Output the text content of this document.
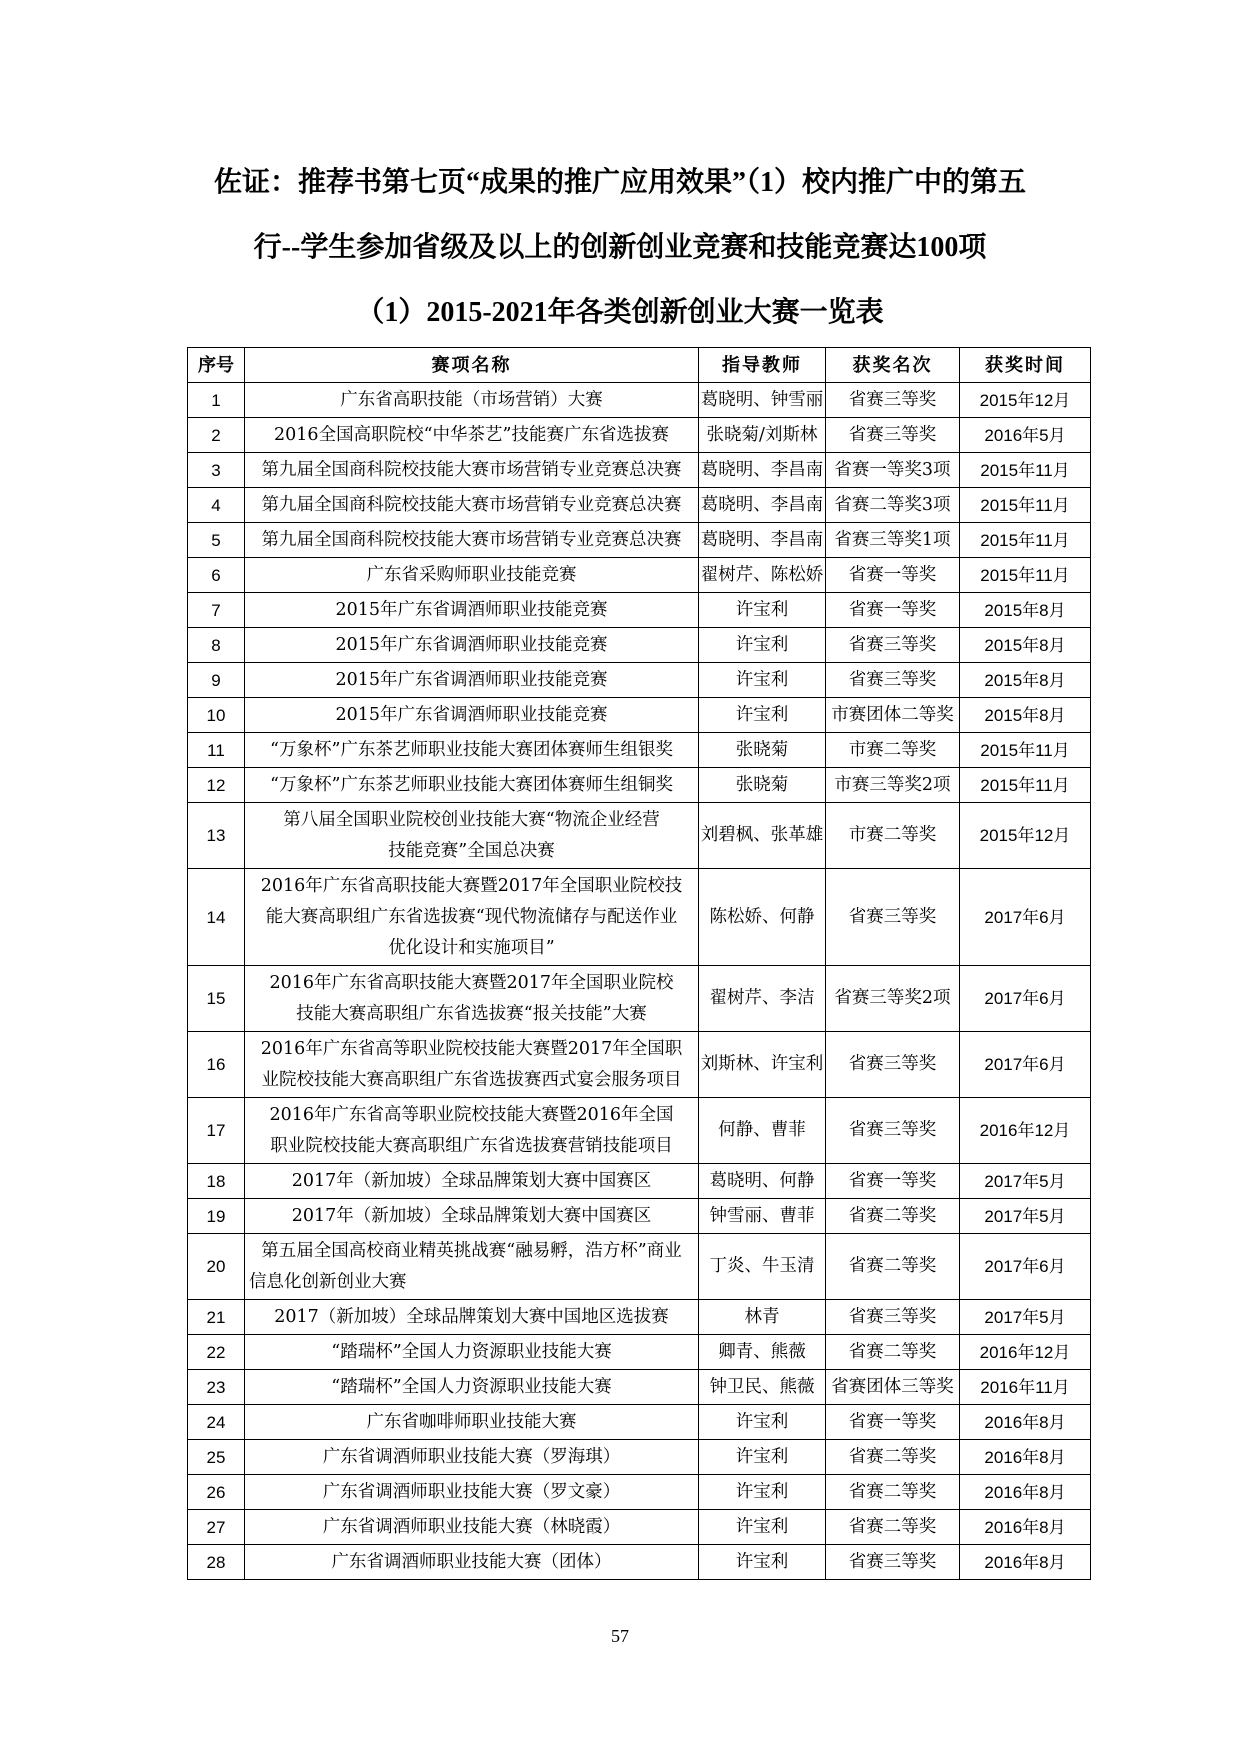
佐证：推荐书第七页“成果的推广应用效果”（1）校内推广中的第五
行--学生参加省级及以上的创新创业竞赛和技能竞赛达100项
（1）2015-2021年各类创新创业大赛一览表
序号	赛项名称	指导教师	获奖名次	获奖时间
1	广东省高职技能（市场营销）大赛	葛晓明、钟雪丽	省赛三等奖	2015年12月
2	2016全国高职院校“中华茶艺”技能赛广东省选拔赛	张晓菊/刘斯林	省赛三等奖	2016年5月
3	第九届全国商科院校技能大赛市场营销专业竞赛总决赛	葛晓明、李昌南	省赛一等奖3项	2015年11月
4	第九届全国商科院校技能大赛市场营销专业竞赛总决赛	葛晓明、李昌南	省赛二等奖3项	2015年11月
5	第九届全国商科院校技能大赛市场营销专业竞赛总决赛	葛晓明、李昌南	省赛三等奖1项	2015年11月
6	广东省采购师职业技能竞赛	翟树芹、陈松娇	省赛一等奖	2015年11月
7	2015年广东省调酒师职业技能竞赛	许宝利	省赛一等奖	2015年8月
8	2015年广东省调酒师职业技能竞赛	许宝利	省赛三等奖	2015年8月
9	2015年广东省调酒师职业技能竞赛	许宝利	省赛三等奖	2015年8月
10	2015年广东省调酒师职业技能竞赛	许宝利	市赛团体二等奖	2015年8月
11	“万象杯”广东茶艺师职业技能大赛团体赛师生组银奖	张晓菊	市赛二等奖	2015年11月
12	“万象杯”广东茶艺师职业技能大赛团体赛师生组铜奖	张晓菊	市赛三等奖2项	2015年11月
13	第八届全国职业院校创业技能大赛“物流企业经营
技能竞赛”全国总决赛	刘碧枫、张革雄	市赛二等奖	2015年12月
14	2016年广东省高职技能大赛暨2017年全国职业院校技
能大赛高职组广东省选拔赛“现代物流储存与配送作业
优化设计和实施项目”	陈松娇、何静	省赛三等奖	2017年6月
15	2016年广东省高职技能大赛暨2017年全国职业院校
技能大赛高职组广东省选拔赛“报关技能”大赛	翟树芹、李洁	省赛三等奖2项	2017年6月
16	2016年广东省高等职业院校技能大赛暨2017年全国职
业院校技能大赛高职组广东省选拔赛西式宴会服务项目	刘斯林、许宝利	省赛三等奖	2017年6月
17	2016年广东省高等职业院校技能大赛暨2016年全国
职业院校技能大赛高职组广东省选拔赛营销技能项目	何静、曹菲	省赛三等奖	2016年12月
18	2017年（新加坡）全球品牌策划大赛中国赛区	葛晓明、何静	省赛一等奖	2017年5月
19	2017年（新加坡）全球品牌策划大赛中国赛区	钟雪丽、曹菲	省赛二等奖	2017年5月
20	第五届全国高校商业精英挑战赛“融易孵，浩方杯”商业
信息化创新创业大赛	丁炎、牛玉清	省赛二等奖	2017年6月
21	2017（新加坡）全球品牌策划大赛中国地区选拔赛	林青	省赛三等奖	2017年5月
22	“踏瑞杯”全国人力资源职业技能大赛	卿青、熊薇	省赛二等奖	2016年12月
23	“踏瑞杯”全国人力资源职业技能大赛	钟卫民、熊薇	省赛团体三等奖	2016年11月
24	广东省咖啡师职业技能大赛	许宝利	省赛一等奖	2016年8月
25	广东省调酒师职业技能大赛（罗海琪）	许宝利	省赛二等奖	2016年8月
26	广东省调酒师职业技能大赛（罗文豪）	许宝利	省赛二等奖	2016年8月
27	广东省调酒师职业技能大赛（林晓霞）	许宝利	省赛二等奖	2016年8月
28	广东省调酒师职业技能大赛（团体）	许宝利	省赛三等奖	2016年8月
57
